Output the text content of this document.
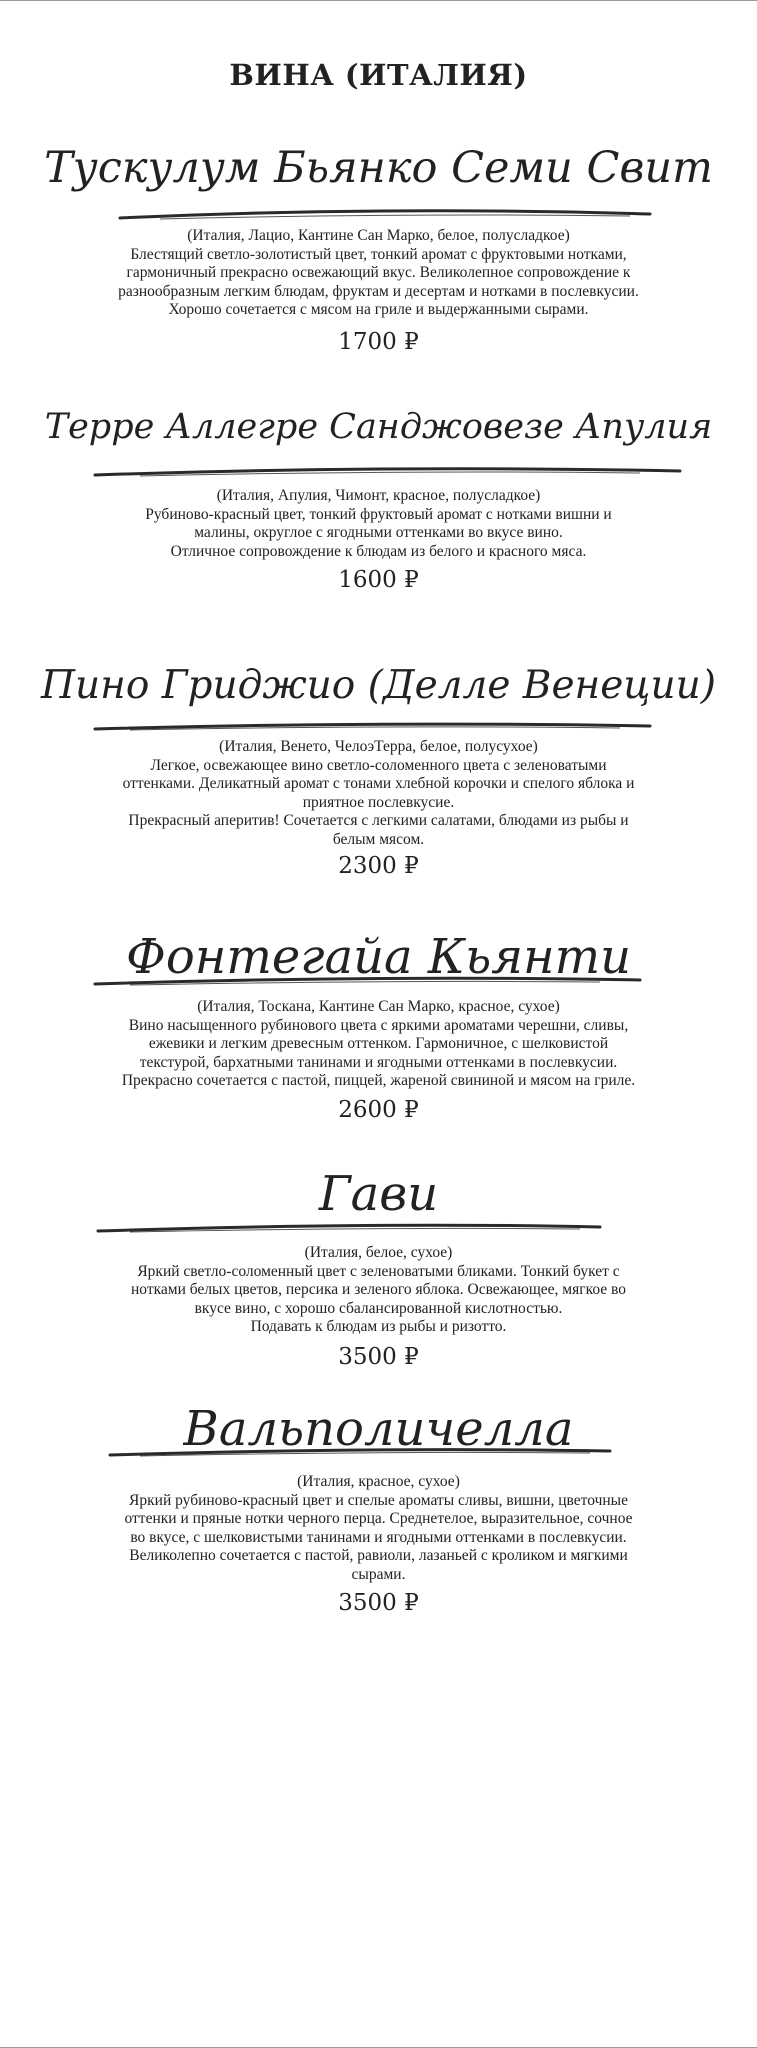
ВИНА (ИТАЛИЯ)
Тускулум Бьянко Семи Свит
(Италия, Лацио, Кантине Сан Марко, белое, полусладкое)
Блестящий светло-золотистый цвет, тонкий аромат с фруктовыми нотками,
гармоничный прекрасно освежающий вкус. Великолепное сопровождение к
разнообразным легким блюдам, фруктам и десертам и нотками в послевкусии.
Хорошо сочетается с мясом на гриле и выдержанными сырами.
1700 ₽
Терре Аллегре Санджовезе Апулия
(Италия, Апулия, Чимонт, красное, полусладкое)
Рубиново-красный цвет, тонкий фруктовый аромат с нотками вишни и
малины, округлое с ягодными оттенками во вкусе вино.
Отличное сопровождение к блюдам из белого и красного мяса.
1600 ₽
Пино Гриджио (Делле Венеции)
(Италия, Венето, ЧелоэТерра, белое, полусухое)
Легкое, освежающее вино светло-соломенного цвета с зеленоватыми
оттенками. Деликатный аромат с тонами хлебной корочки и спелого яблока и
приятное послевкусие.
Прекрасный аперитив! Сочетается с легкими салатами, блюдами из рыбы и
белым мясом.
2300 ₽
Фонтегайа Кьянти
(Италия, Тоскана, Кантине Сан Марко, красное, сухое)
Вино насыщенного рубинового цвета с яркими ароматами черешни, сливы,
ежевики и легким древесным оттенком. Гармоничное, с шелковистой
текстурой, бархатными танинами и ягодными оттенками в послевкусии.
Прекрасно сочетается с пастой, пиццей, жареной свининой и мясом на гриле.
2600 ₽
Гави
(Италия, белое, сухое)
Яркий светло-соломенный цвет с зеленоватыми бликами. Тонкий букет с
нотками белых цветов, персика и зеленого яблока. Освежающее, мягкое во
вкусе вино, с хорошо сбалансированной кислотностью.
Подавать к блюдам из рыбы и ризотто.
3500 ₽
Вальполичелла
(Италия, красное, сухое)
Яркий рубиново-красный цвет и спелые ароматы сливы, вишни, цветочные
оттенки и пряные нотки черного перца. Среднетелое, выразительное, сочное
во вкусе, с шелковистыми танинами и ягодными оттенками в послевкусии.
Великолепно сочетается с пастой, равиоли, лазаньей с кроликом и мягкими
сырами.
3500 ₽
